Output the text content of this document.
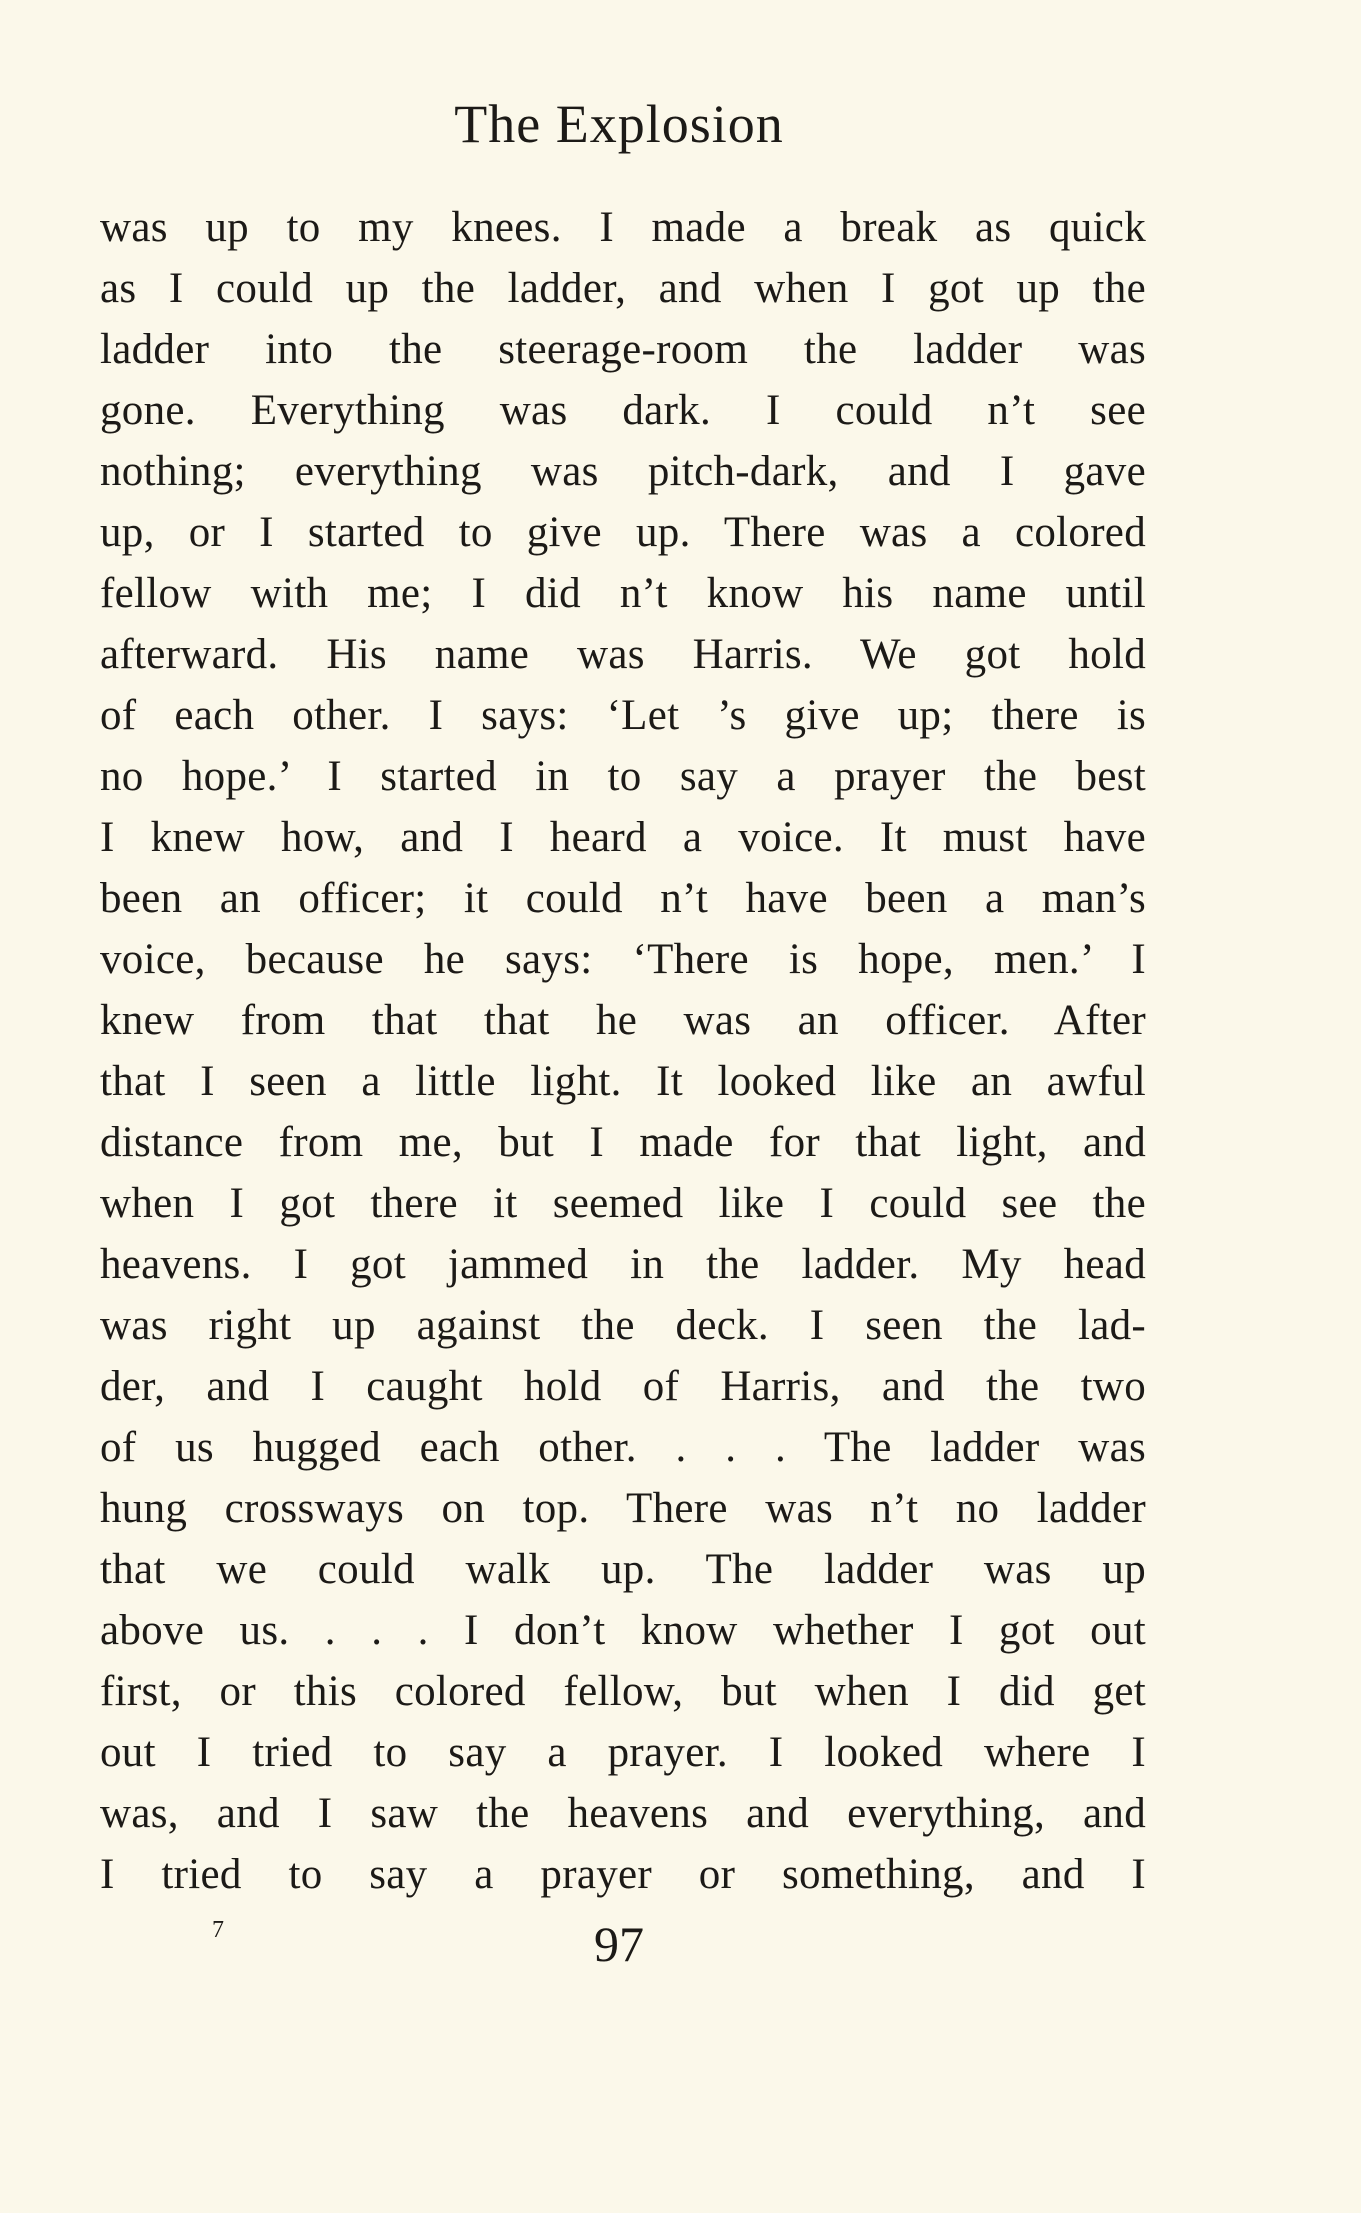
The Explosion
was up to my knees. I made a break as quick
as I could up the ladder, and when I got up the
ladder into the steerage-room the ladder was
gone. Everything was dark. I could n’t see
nothing; everything was pitch-dark, and I gave
up, or I started to give up. There was a colored
fellow with me; I did n’t know his name until
afterward. His name was Harris. We got hold
of each other. I says: ‘Let ’s give up; there is
no hope.’ I started in to say a prayer the best
I knew how, and I heard a voice. It must have
been an officer; it could n’t have been a man’s
voice, because he says: ‘There is hope, men.’ I
knew from that that he was an officer. After
that I seen a little light. It looked like an awful
distance from me, but I made for that light, and
when I got there it seemed like I could see the
heavens. I got jammed in the ladder. My head
was right up against the deck. I seen the lad-
der, and I caught hold of Harris, and the two
of us hugged each other. . . . The ladder was
hung crossways on top. There was n’t no ladder
that we could walk up. The ladder was up
above us. . . . I don’t know whether I got out
first, or this colored fellow, but when I did get
out I tried to say a prayer. I looked where I
was, and I saw the heavens and everything, and
I tried to say a prayer or something, and I
7	97
